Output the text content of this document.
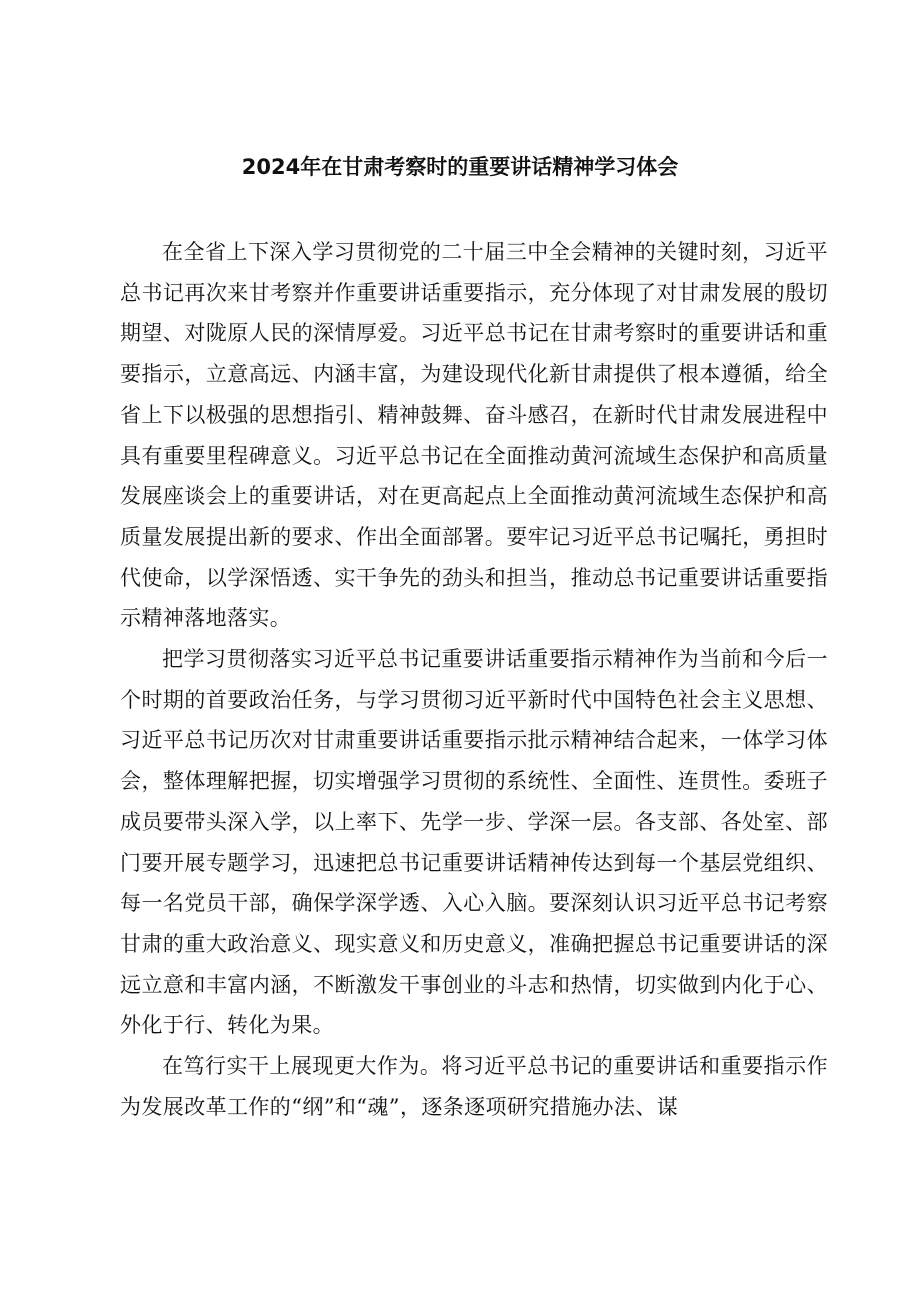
2024年在甘肃考察时的重要讲话精神学习体会

在全省上下深入学习贯彻党的二十届三中全会精神的关键时刻，习近平总书记再次来甘考察并作重要讲话重要指示，充分体现了对甘肃发展的殷切期望、对陇原人民的深情厚爱。习近平总书记在甘肃考察时的重要讲话和重要指示，立意高远、内涵丰富，为建设现代化新甘肃提供了根本遵循，给全省上下以极强的思想指引、精神鼓舞、奋斗感召，在新时代甘肃发展进程中具有重要里程碑意义。习近平总书记在全面推动黄河流域生态保护和高质量发展座谈会上的重要讲话，对在更高起点上全面推动黄河流域生态保护和高质量发展提出新的要求、作出全面部署。要牢记习近平总书记嘱托，勇担时代使命，以学深悟透、实干争先的劲头和担当，推动总书记重要讲话重要指示精神落地落实。

把学习贯彻落实习近平总书记重要讲话重要指示精神作为当前和今后一个时期的首要政治任务，与学习贯彻习近平新时代中国特色社会主义思想、习近平总书记历次对甘肃重要讲话重要指示批示精神结合起来，一体学习体会，整体理解把握，切实增强学习贯彻的系统性、全面性、连贯性。委班子成员要带头深入学，以上率下、先学一步、学深一层。各支部、各处室、部门要开展专题学习，迅速把总书记重要讲话精神传达到每一个基层党组织、每一名党员干部，确保学深学透、入心入脑。要深刻认识习近平总书记考察甘肃的重大政治意义、现实意义和历史意义，准确把握总书记重要讲话的深远立意和丰富内涵，不断激发干事创业的斗志和热情，切实做到内化于心、外化于行、转化为果。

在笃行实干上展现更大作为。将习近平总书记的重要讲话和重要指示作为发展改革工作的“纲”和“魂”，逐条逐项研究措施办法、谋
